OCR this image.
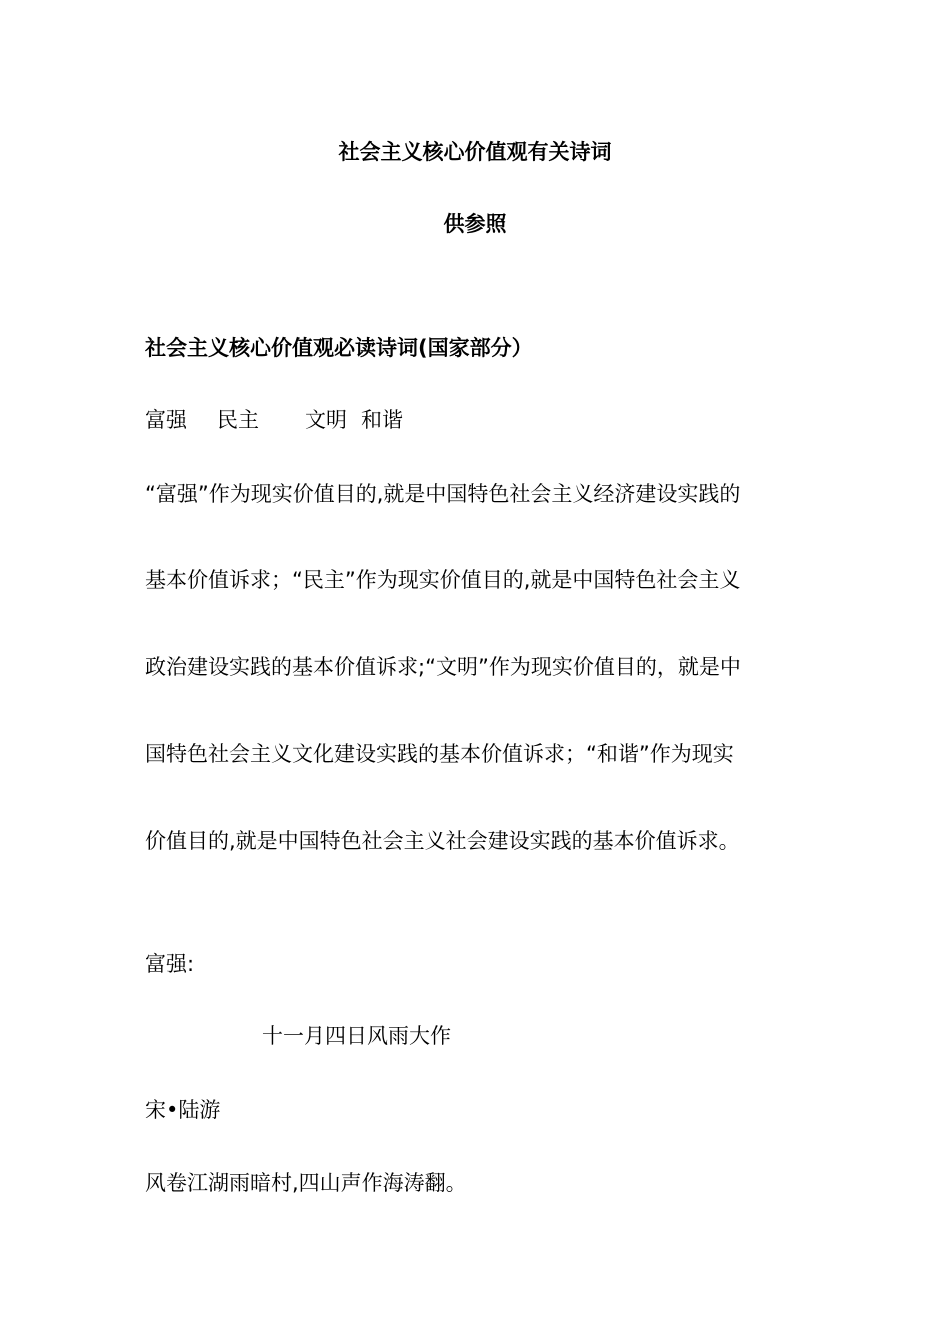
社会主义核心价值观有关诗词
供参照
社会主义核心价值观必读诗词(国家部分）
富强 民主 文明 和谐
“富强”作为现实价值目的,就是中国特色社会主义经济建设实践的
基本价值诉求；“民主”作为现实价值目的,就是中国特色社会主义
政治建设实践的基本价值诉求;“文明”作为现实价值目的，就是中
国特色社会主义文化建设实践的基本价值诉求；“和谐”作为现实
价值目的,就是中国特色社会主义社会建设实践的基本价值诉求。
富强:
十一月四日风雨大作
宋•陆游
风卷江湖雨暗村,四山声作海涛翻。
